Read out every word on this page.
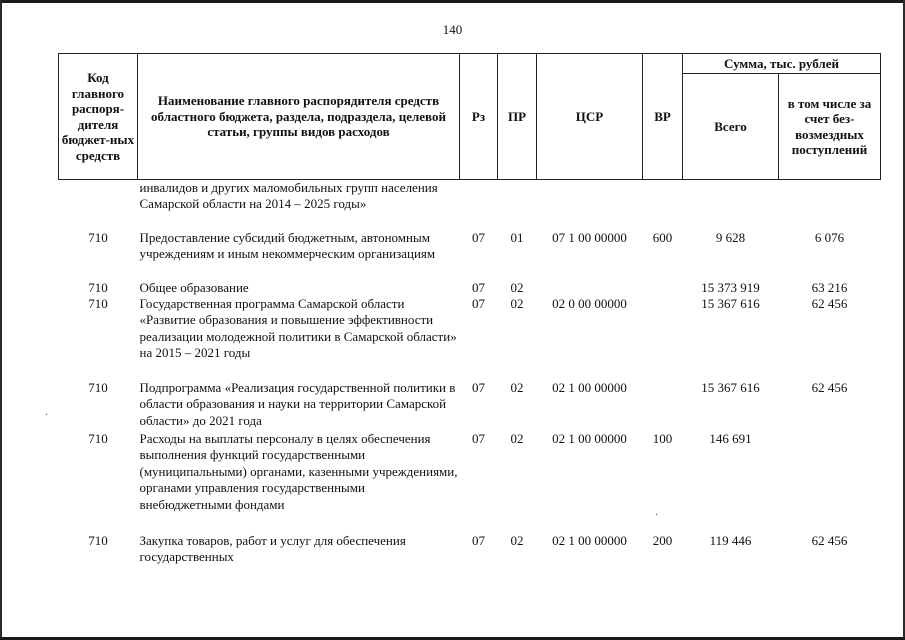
140
Код главного распоря-дителя бюджет-ных средств	Наименование главного распорядителя средств областного бюджета, раздела, подраздела, целевой статьи, группы видов расходов	Рз	ПР	ЦСР	ВР	Сумма, тыс. рублей	
						Всего	в том числе за счет без-возмездных поступлений
	инвалидов и других маломобильных групп населения Самарской области на 2014 – 2025 годы»						
710	Предоставление субсидий бюджетным, автономным учреждениям и иным некоммерческим организациям	07	01	07 1 00 00000	600	9 628	6 076
710	Общее образование	07	02			15 373 919	63 216
710	Государственная программа Самарской области «Развитие образования и повышение эффективности реализации молодежной политики в Самарской области» на 2015 – 2021 годы	07	02	02 0 00 00000		15 367 616	62 456
710	Подпрограмма «Реализация государственной политики в области образования и науки на территории Самарской области» до 2021 года	07	02	02 1 00 00000		15 367 616	62 456
710	Расходы на выплаты персоналу в целях обеспечения выполнения функций государственными (муниципальными) органами, казенными учреждениями, органами управления государственными внебюджетными фондами	07	02	02 1 00 00000	100	146 691	
710	Закупка товаров, работ и услуг для обеспечения государственных	07	02	02 1 00 00000	200	119 446	62 456
·
·
